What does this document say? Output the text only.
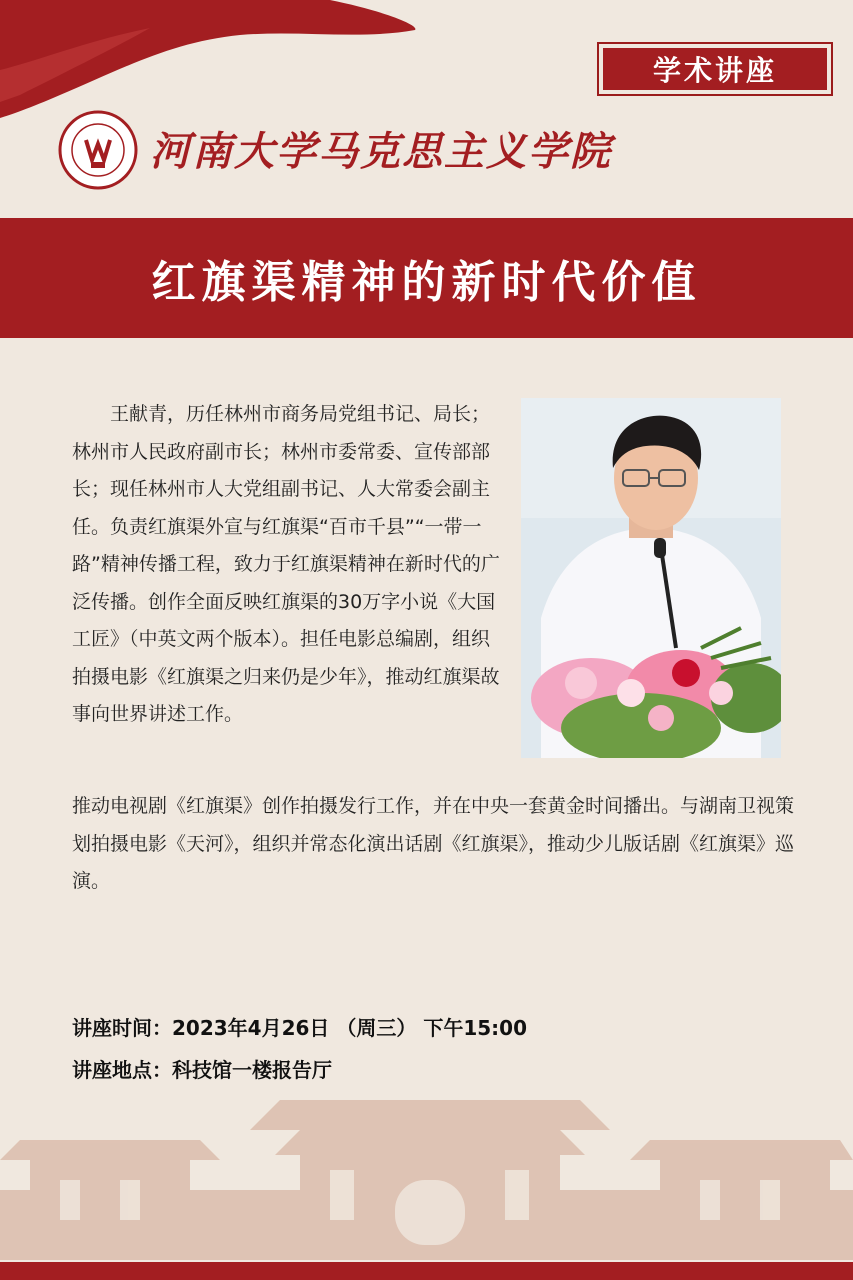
学术讲座
河南大学马克思主义学院
红旗渠精神的新时代价值
王献青，历任林州市商务局党组书记、局长；林州市人民政府副市长；林州市委常委、宣传部部长；现任林州市人大党组副书记、人大常委会副主任。负责红旗渠外宣与红旗渠“百市千县”“一带一路”精神传播工程，致力于红旗渠精神在新时代的广泛传播。创作全面反映红旗渠的30万字小说《大国工匠》（中英文两个版本）。担任电影总编剧，组织拍摄电影《红旗渠之归来仍是少年》，推动红旗渠故事向世界讲述工作。
推动电视剧《红旗渠》创作拍摄发行工作，并在中央一套黄金时间播出。与湖南卫视策划拍摄电影《天河》，组织并常态化演出话剧《红旗渠》，推动少儿版话剧《红旗渠》巡演。
讲座时间：2023年4月26日 （周三） 下午15:00
讲座地点：科技馆一楼报告厅
